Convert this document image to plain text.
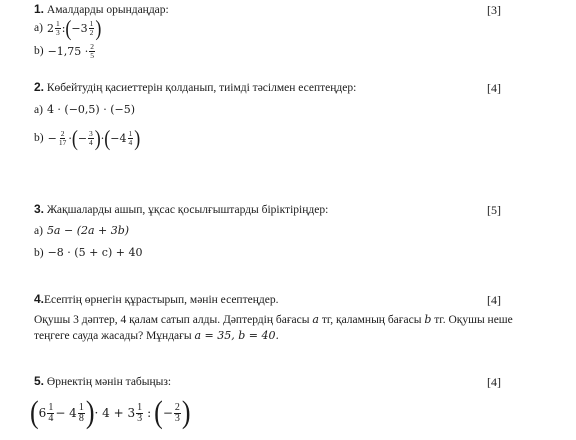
1. Амалдарды орындаңдар:	[3]
a) $2 \frac{1}{3}$ : ( $-3 \frac{1}{2}$ )
$b) -1,75 \cdot \frac{2}{5}$
2. Көбейтудің қасиеттерін қолданып, тиімді тәсілмен есептеңдер:	[4]
a) 4 · (−0,5) · (−5)
$b) - \frac{2}{17}$ · ( − $\frac{3}{4}$ ) · ( $-4 \frac{1}{4}$ )
3. Жақшаларды ашып, ұқсас қосылғыштарды біріктіріңдер:	[5]
a) 5a − (2a + 3b)
b) −8 · (5 + c) + 40
4.Есептің өрнегін құрастырып, мәнін есептеңдер.	[4]
Оқушы 3 дәптер, 4 қалам сатып алды. Дәптердің бағасы a тг, қаламның бағасы b тг. Оқушы неше
теңгеге сауда жасады? Мұндағы a = 35, b = 40.
5. Өрнектің мәнін табыңыз:	[4]
( $6 \frac{1}{4} - 4 \frac{1}{8}$ ) · $4 + 3 \frac{1}{3}$ : ( − $\frac{2}{3}$ )
